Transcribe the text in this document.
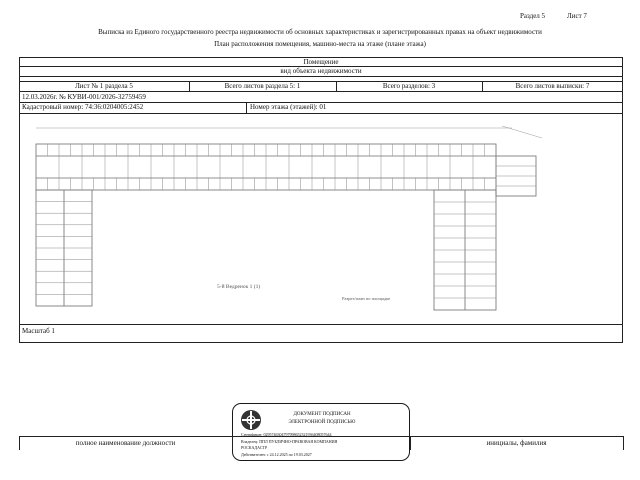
Раздел 5	Лист 7
Выписка из Единого государственного реестра недвижимости об основных характеристиках и зарегистрированных правах на объект недвижимости
План расположения помещения, машино-места на этаже (плане этажа)
Помещение
вид объекта недвижимости
Лист № 1 раздела 5	Всего листов раздела 5: 1	Всего разделов: 3	Всего листов выписки: 7
12.03.2026г. № КУВИ-001/2026-32759459
Кадастровый номер: 74:36:0204005:2452	Номер этажа (этажей): 01
5-й Ведренок 1 (1)
Разрез/план по площадке
Масштаб 1
ДОКУМЕНТ ПОДПИСАН
ЭЛЕКТРОННОЙ ПОДПИСЬЮ
Сертификат: 0295746304797998652321936408057644
Владелец: ППЛ ПУБЛИЧНО-ПРАВОВАЯ КОМПАНИЯ
РОСКАДАСТР
Действителен: с 24.12.2025 по 19.03.2027
полное наименование должности	инициалы, фамилия
